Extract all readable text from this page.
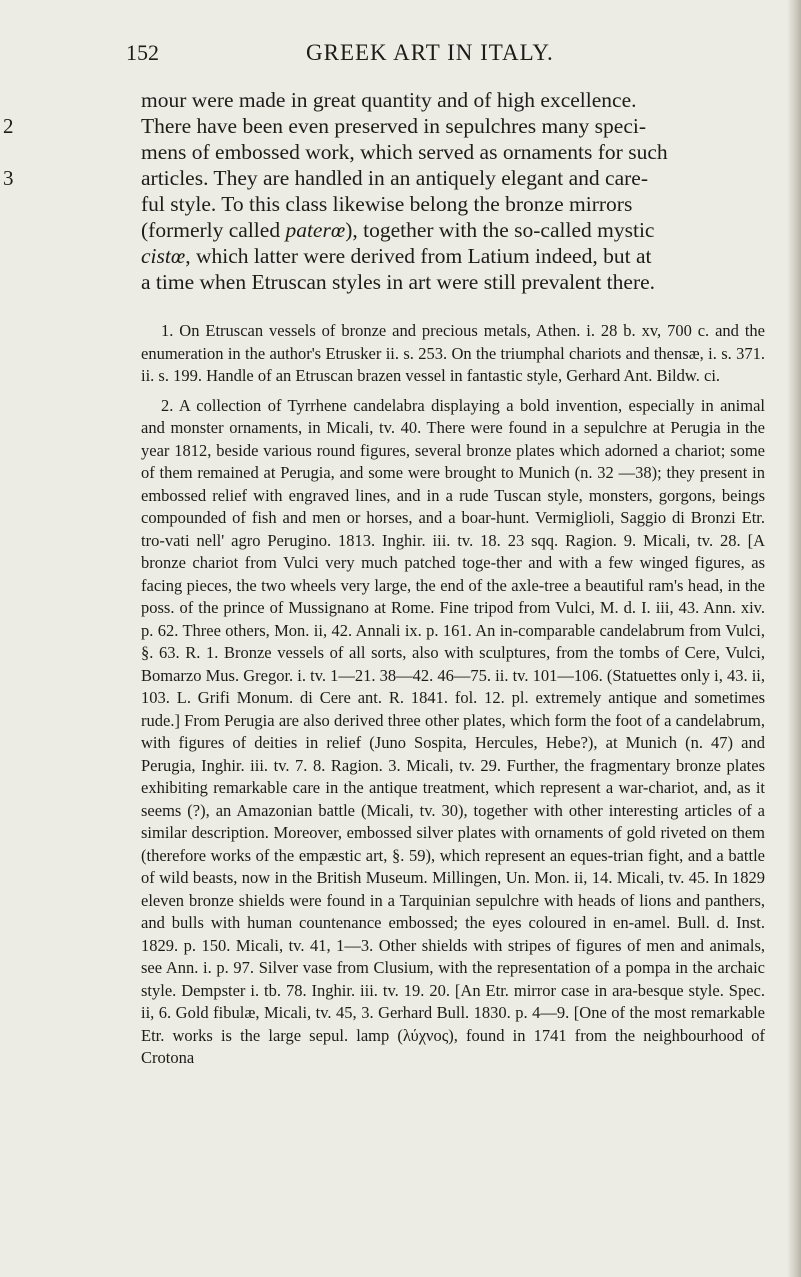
152	GREEK ART IN ITALY.
mour were made in great quantity and of high excellence.
2	There have been even preserved in sepulchres many speci-
mens of embossed work, which served as ornaments for such
3	articles. They are handled in an antiquely elegant and care-
ful style. To this class likewise belong the bronze mirrors
(formerly called paterœ), together with the so-called mystic
cistœ, which latter were derived from Latium indeed, but at
a time when Etruscan styles in art were still prevalent there.

1. On Etruscan vessels of bronze and precious metals, Athen. i. 28 b. xv, 700 c. and the enumeration in the author's Etrusker ii. s. 253. On the triumphal chariots and thensæ, i. s. 371. ii. s. 199. Handle of an Etruscan brazen vessel in fantastic style, Gerhard Ant. Bildw. ci.

2. A collection of Tyrrhene candelabra displaying a bold invention, especially in animal and monster ornaments, in Micali, tv. 40. There were found in a sepulchre at Perugia in the year 1812, beside various round figures, several bronze plates which adorned a chariot; some of them remained at Perugia, and some were brought to Munich (n. 32 —38); they present in embossed relief with engraved lines, and in a rude Tuscan style, monsters, gorgons, beings compounded of fish and men or horses, and a boar-hunt. Vermiglioli, Saggio di Bronzi Etr. tro-vati nell' agro Perugino. 1813. Inghir. iii. tv. 18. 23 sqq. Ragion. 9. Micali, tv. 28. [A bronze chariot from Vulci very much patched toge-ther and with a few winged figures, as facing pieces, the two wheels very large, the end of the axle-tree a beautiful ram's head, in the poss. of the prince of Mussignano at Rome. Fine tripod from Vulci, M. d. I. iii, 43. Ann. xiv. p. 62. Three others, Mon. ii, 42. Annali ix. p. 161. An in-comparable candelabrum from Vulci, §. 63. R. 1. Bronze vessels of all sorts, also with sculptures, from the tombs of Cere, Vulci, Bomarzo Mus. Gregor. i. tv. 1—21. 38—42. 46—75. ii. tv. 101—106. (Statuettes only i, 43. ii, 103. L. Grifi Monum. di Cere ant. R. 1841. fol. 12. pl. extremely antique and sometimes rude.] From Perugia are also derived three other plates, which form the foot of a candelabrum, with figures of deities in relief (Juno Sospita, Hercules, Hebe?), at Munich (n. 47) and Perugia, Inghir. iii. tv. 7. 8. Ragion. 3. Micali, tv. 29. Further, the fragmentary bronze plates exhibiting remarkable care in the antique treatment, which represent a war-chariot, and, as it seems (?), an Amazonian battle (Micali, tv. 30), together with other interesting articles of a similar description. Moreover, embossed silver plates with ornaments of gold riveted on them (therefore works of the empæstic art, §. 59), which represent an eques-trian fight, and a battle of wild beasts, now in the British Museum. Millingen, Un. Mon. ii, 14. Micali, tv. 45. In 1829 eleven bronze shields were found in a Tarquinian sepulchre with heads of lions and panthers, and bulls with human countenance embossed; the eyes coloured in en-amel. Bull. d. Inst. 1829. p. 150. Micali, tv. 41, 1—3. Other shields with stripes of figures of men and animals, see Ann. i. p. 97. Silver vase from Clusium, with the representation of a pompa in the archaic style. Dempster i. tb. 78. Inghir. iii. tv. 19. 20. [An Etr. mirror case in ara-besque style. Spec. ii, 6. Gold fibulæ, Micali, tv. 45, 3. Gerhard Bull. 1830. p. 4—9. [One of the most remarkable Etr. works is the large sepul. lamp (λύχνος), found in 1741 from the neighbourhood of Crotona
